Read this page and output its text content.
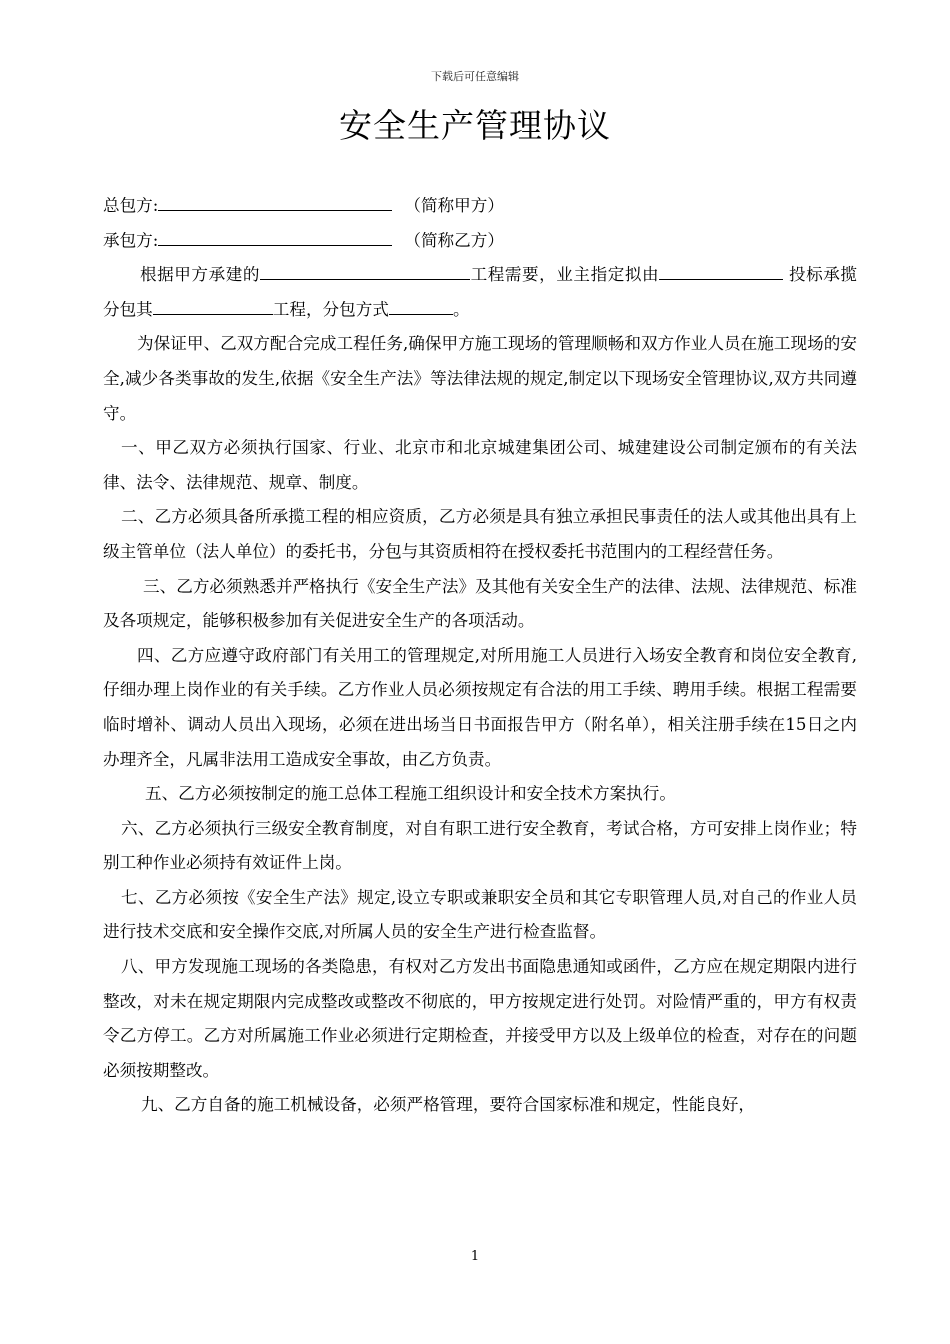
下载后可任意编辑
安全生产管理协议

总包方:	（简称甲方）

承包方:	（简称乙方）

根据甲方承建的	工程需要，业主指定拟由	投标承揽分包其	工程，分包方式	。

为保证甲、乙双方配合完成工程任务,确保甲方施工现场的管理顺畅和双方作业人员在施工现场的安全,减少各类事故的发生,依据《安全生产法》等法律法规的规定,制定以下现场安全管理协议,双方共同遵守。

一、甲乙双方必须执行国家、行业、北京市和北京城建集团公司、城建建设公司制定颁布的有关法律、法令、法律规范、规章、制度。

二、乙方必须具备所承揽工程的相应资质，乙方必须是具有独立承担民事责任的法人或其他出具有上级主管单位（法人单位）的委托书，分包与其资质相符在授权委托书范围内的工程经营任务。

三、乙方必须熟悉并严格执行《安全生产法》及其他有关安全生产的法律、法规、法律规范、标准及各项规定，能够积极参加有关促进安全生产的各项活动。

四、乙方应遵守政府部门有关用工的管理规定,对所用施工人员进行入场安全教育和岗位安全教育,仔细办理上岗作业的有关手续。乙方作业人员必须按规定有合法的用工手续、聘用手续。根据工程需要临时增补、调动人员出入现场，必须在进出场当日书面报告甲方（附名单），相关注册手续在15日之内办理齐全，凡属非法用工造成安全事故，由乙方负责。

五、乙方必须按制定的施工总体工程施工组织设计和安全技术方案执行。

六、乙方必须执行三级安全教育制度，对自有职工进行安全教育，考试合格，方可安排上岗作业；特别工种作业必须持有效证件上岗。

七、乙方必须按《安全生产法》规定,设立专职或兼职安全员和其它专职管理人员,对自己的作业人员进行技术交底和安全操作交底,对所属人员的安全生产进行检查监督。

八、甲方发现施工现场的各类隐患，有权对乙方发出书面隐患通知或函件，乙方应在规定期限内进行整改，对未在规定期限内完成整改或整改不彻底的，甲方按规定进行处罚。对险情严重的，甲方有权责令乙方停工。乙方对所属施工作业必须进行定期检查，并接受甲方以及上级单位的检查，对存在的问题必须按期整改。

九、乙方自备的施工机械设备，必须严格管理，要符合国家标准和规定，性能良好，

1
